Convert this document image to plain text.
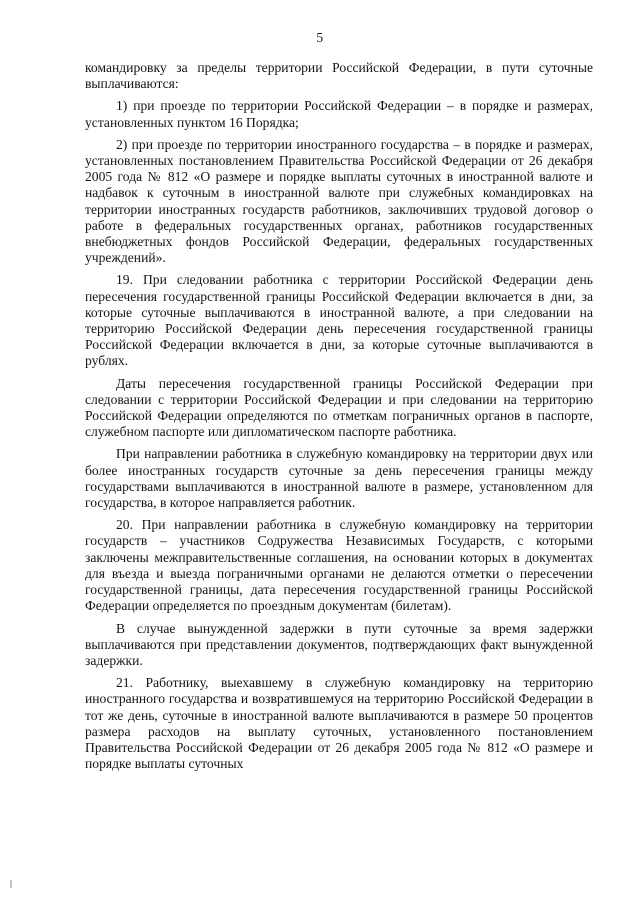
5

командировку за пределы территории Российской Федерации, в пути суточные выплачиваются:

1) при проезде по территории Российской Федерации – в порядке и размерах, установленных пунктом 16 Порядка;

2) при проезде по территории иностранного государства – в порядке и размерах, установленных постановлением Правительства Российской Федерации от 26 декабря 2005 года № 812 «О размере и порядке выплаты суточных в иностранной валюте и надбавок к суточным в иностранной валюте при служебных командировках на территории иностранных государств работников, заключивших трудовой договор о работе в федеральных государственных органах, работников государственных внебюджетных фондов Российской Федерации, федеральных государственных учреждений».

19. При следовании работника с территории Российской Федерации день пересечения государственной границы Российской Федерации включается в дни, за которые суточные выплачиваются в иностранной валюте, а при следовании на территорию Российской Федерации день пересечения государственной границы Российской Федерации включается в дни, за которые суточные выплачиваются в рублях.

Даты пересечения государственной границы Российской Федерации при следовании с территории Российской Федерации и при следовании на территорию Российской Федерации определяются по отметкам пограничных органов в паспорте, служебном паспорте или дипломатическом паспорте работника.

При направлении работника в служебную командировку на территории двух или более иностранных государств суточные за день пересечения границы между государствами выплачиваются в иностранной валюте в размере, установленном для государства, в которое направляется работник.

20. При направлении работника в служебную командировку на территории государств – участников Содружества Независимых Государств, с которыми заключены межправительственные соглашения, на основании которых в документах для въезда и выезда пограничными органами не делаются отметки о пересечении государственной границы, дата пересечения государственной границы Российской Федерации определяется по проездным документам (билетам).

В случае вынужденной задержки в пути суточные за время задержки выплачиваются при представлении документов, подтверждающих факт вынужденной задержки.

21. Работнику, выехавшему в служебную командировку на территорию иностранного государства и возвратившемуся на территорию Российской Федерации в тот же день, суточные в иностранной валюте выплачиваются в размере 50 процентов размера расходов на выплату суточных, установленного постановлением Правительства Российской Федерации от 26 декабря 2005 года № 812 «О размере и порядке выплаты суточных
